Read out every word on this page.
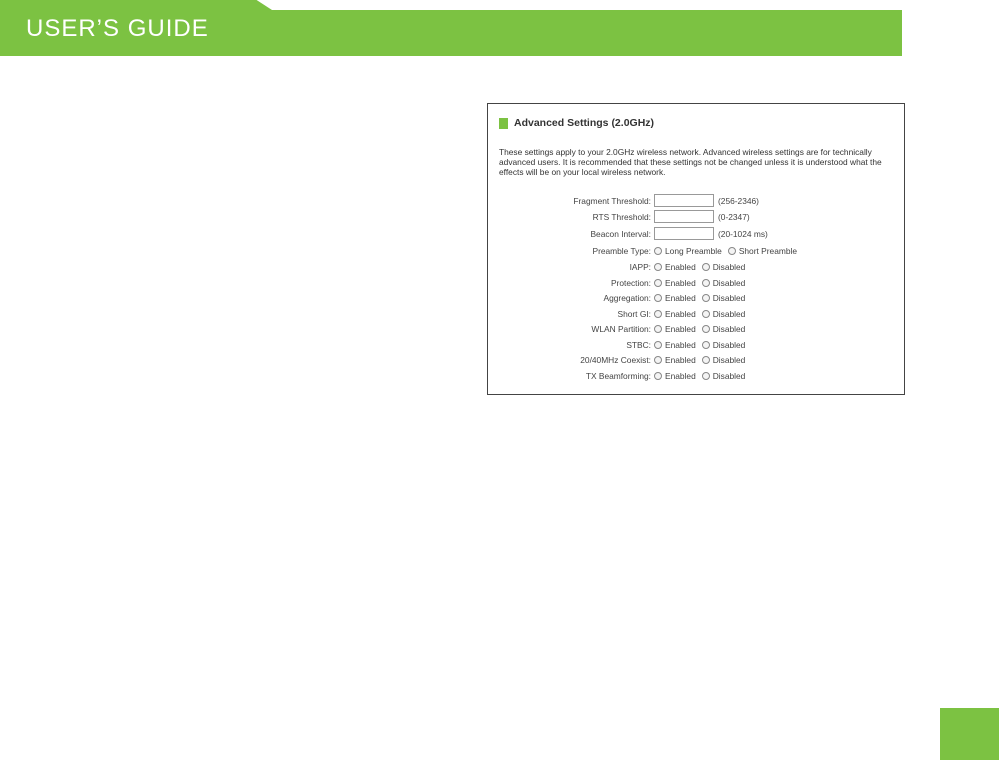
USER’S GUIDE	RTA2600
Advanced Settings (2.0GHz)
These settings apply to your 2.0GHz wireless network. Advanced wireless settings are for technically advanced users. It is recommended that these settings not be changed unless it is understood what the effects will be on your local wireless network.
Fragment Threshold:	(256-2346)
RTS Threshold:	(0-2347)
Beacon Interval:	(20-1024 ms)
Preamble Type: Long Preamble Short Preamble
IAPP: Enabled Disabled
Protection: Enabled Disabled
Aggregation: Enabled Disabled
Short GI: Enabled Disabled
WLAN Partition: Enabled Disabled
STBC: Enabled Disabled
20/40MHz Coexist: Enabled Disabled
TX Beamforming: Enabled Disabled
